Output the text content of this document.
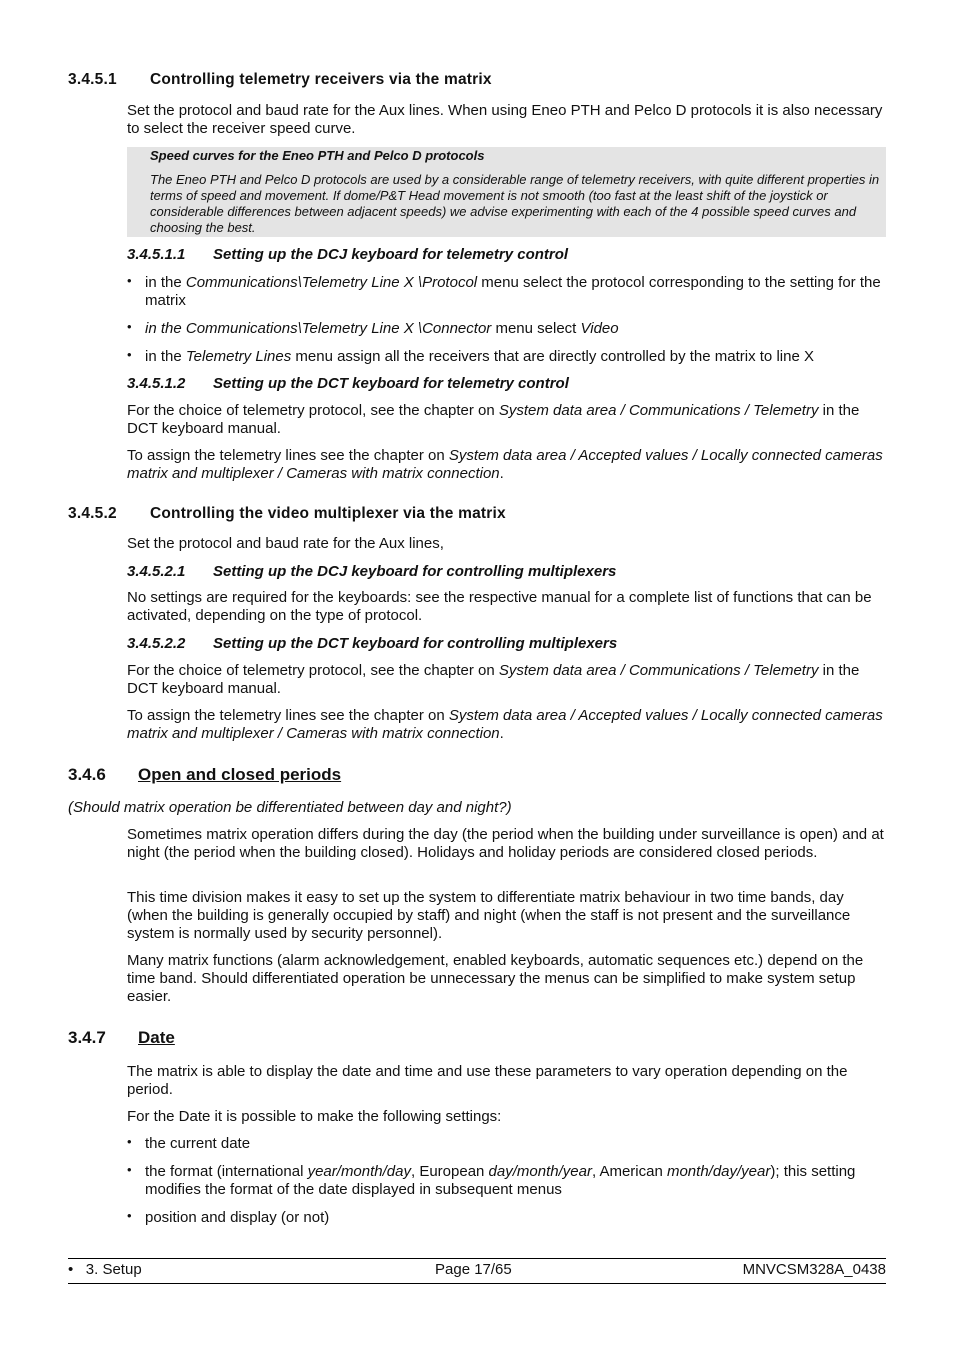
3.4.5.1 Controlling telemetry receivers via the matrix
Set the protocol and baud rate for the Aux lines. When using Eneo PTH and Pelco D protocols it is also necessary to select the receiver speed curve.
Speed curves for the Eneo PTH and Pelco D protocols
The Eneo PTH and Pelco D protocols are used by a considerable range of telemetry receivers, with quite different properties in terms of speed and movement. If dome/P&T Head movement is not smooth (too fast at the least shift of the joystick or considerable differences between adjacent speeds) we advise experimenting with each of the 4 possible speed curves and choosing the best.
3.4.5.1.1 Setting up the DCJ keyboard for telemetry control
• in the Communications\Telemetry Line X \Protocol menu select the protocol corresponding to the setting for the matrix
• in the Communications\Telemetry Line X \Connector menu select Video
• in the Telemetry Lines menu assign all the receivers that are directly controlled by the matrix to line X
3.4.5.1.2 Setting up the DCT keyboard for telemetry control
For the choice of telemetry protocol, see the chapter on System data area / Communications / Telemetry in the DCT keyboard manual.
To assign the telemetry lines see the chapter on System data area / Accepted values / Locally connected cameras matrix and multiplexer / Cameras with matrix connection.
3.4.5.2 Controlling the video multiplexer via the matrix
Set the protocol and baud rate for the Aux lines,
3.4.5.2.1 Setting up the DCJ keyboard for controlling multiplexers
No settings are required for the keyboards: see the respective manual for a complete list of functions that can be activated, depending on the type of protocol.
3.4.5.2.2 Setting up the DCT keyboard for controlling multiplexers
For the choice of telemetry protocol, see the chapter on System data area / Communications / Telemetry in the DCT keyboard manual.
To assign the telemetry lines see the chapter on System data area / Accepted values / Locally connected cameras matrix and multiplexer / Cameras with matrix connection.
3.4.6 Open and closed periods
(Should matrix operation be differentiated between day and night?)
Sometimes matrix operation differs during the day (the period when the building under surveillance is open) and at night (the period when the building closed). Holidays and holiday periods are considered closed periods.
This time division makes it easy to set up the system to differentiate matrix behaviour in two time bands, day (when the building is generally occupied by staff) and night (when the staff is not present and the surveillance system is normally used by security personnel).
Many matrix functions (alarm acknowledgement, enabled keyboards, automatic sequences etc.) depend on the time band. Should differentiated operation be unnecessary the menus can be simplified to make system setup easier.
3.4.7 Date
The matrix is able to display the date and time and use these parameters to vary operation depending on the period.
For the Date it is possible to make the following settings:
• the current date
• the format (international year/month/day, European day/month/year, American month/day/year); this setting modifies the format of the date displayed in subsequent menus
• position and display (or not)
• 3. Setup	Page 17/65	MNVCSM328A_0438
